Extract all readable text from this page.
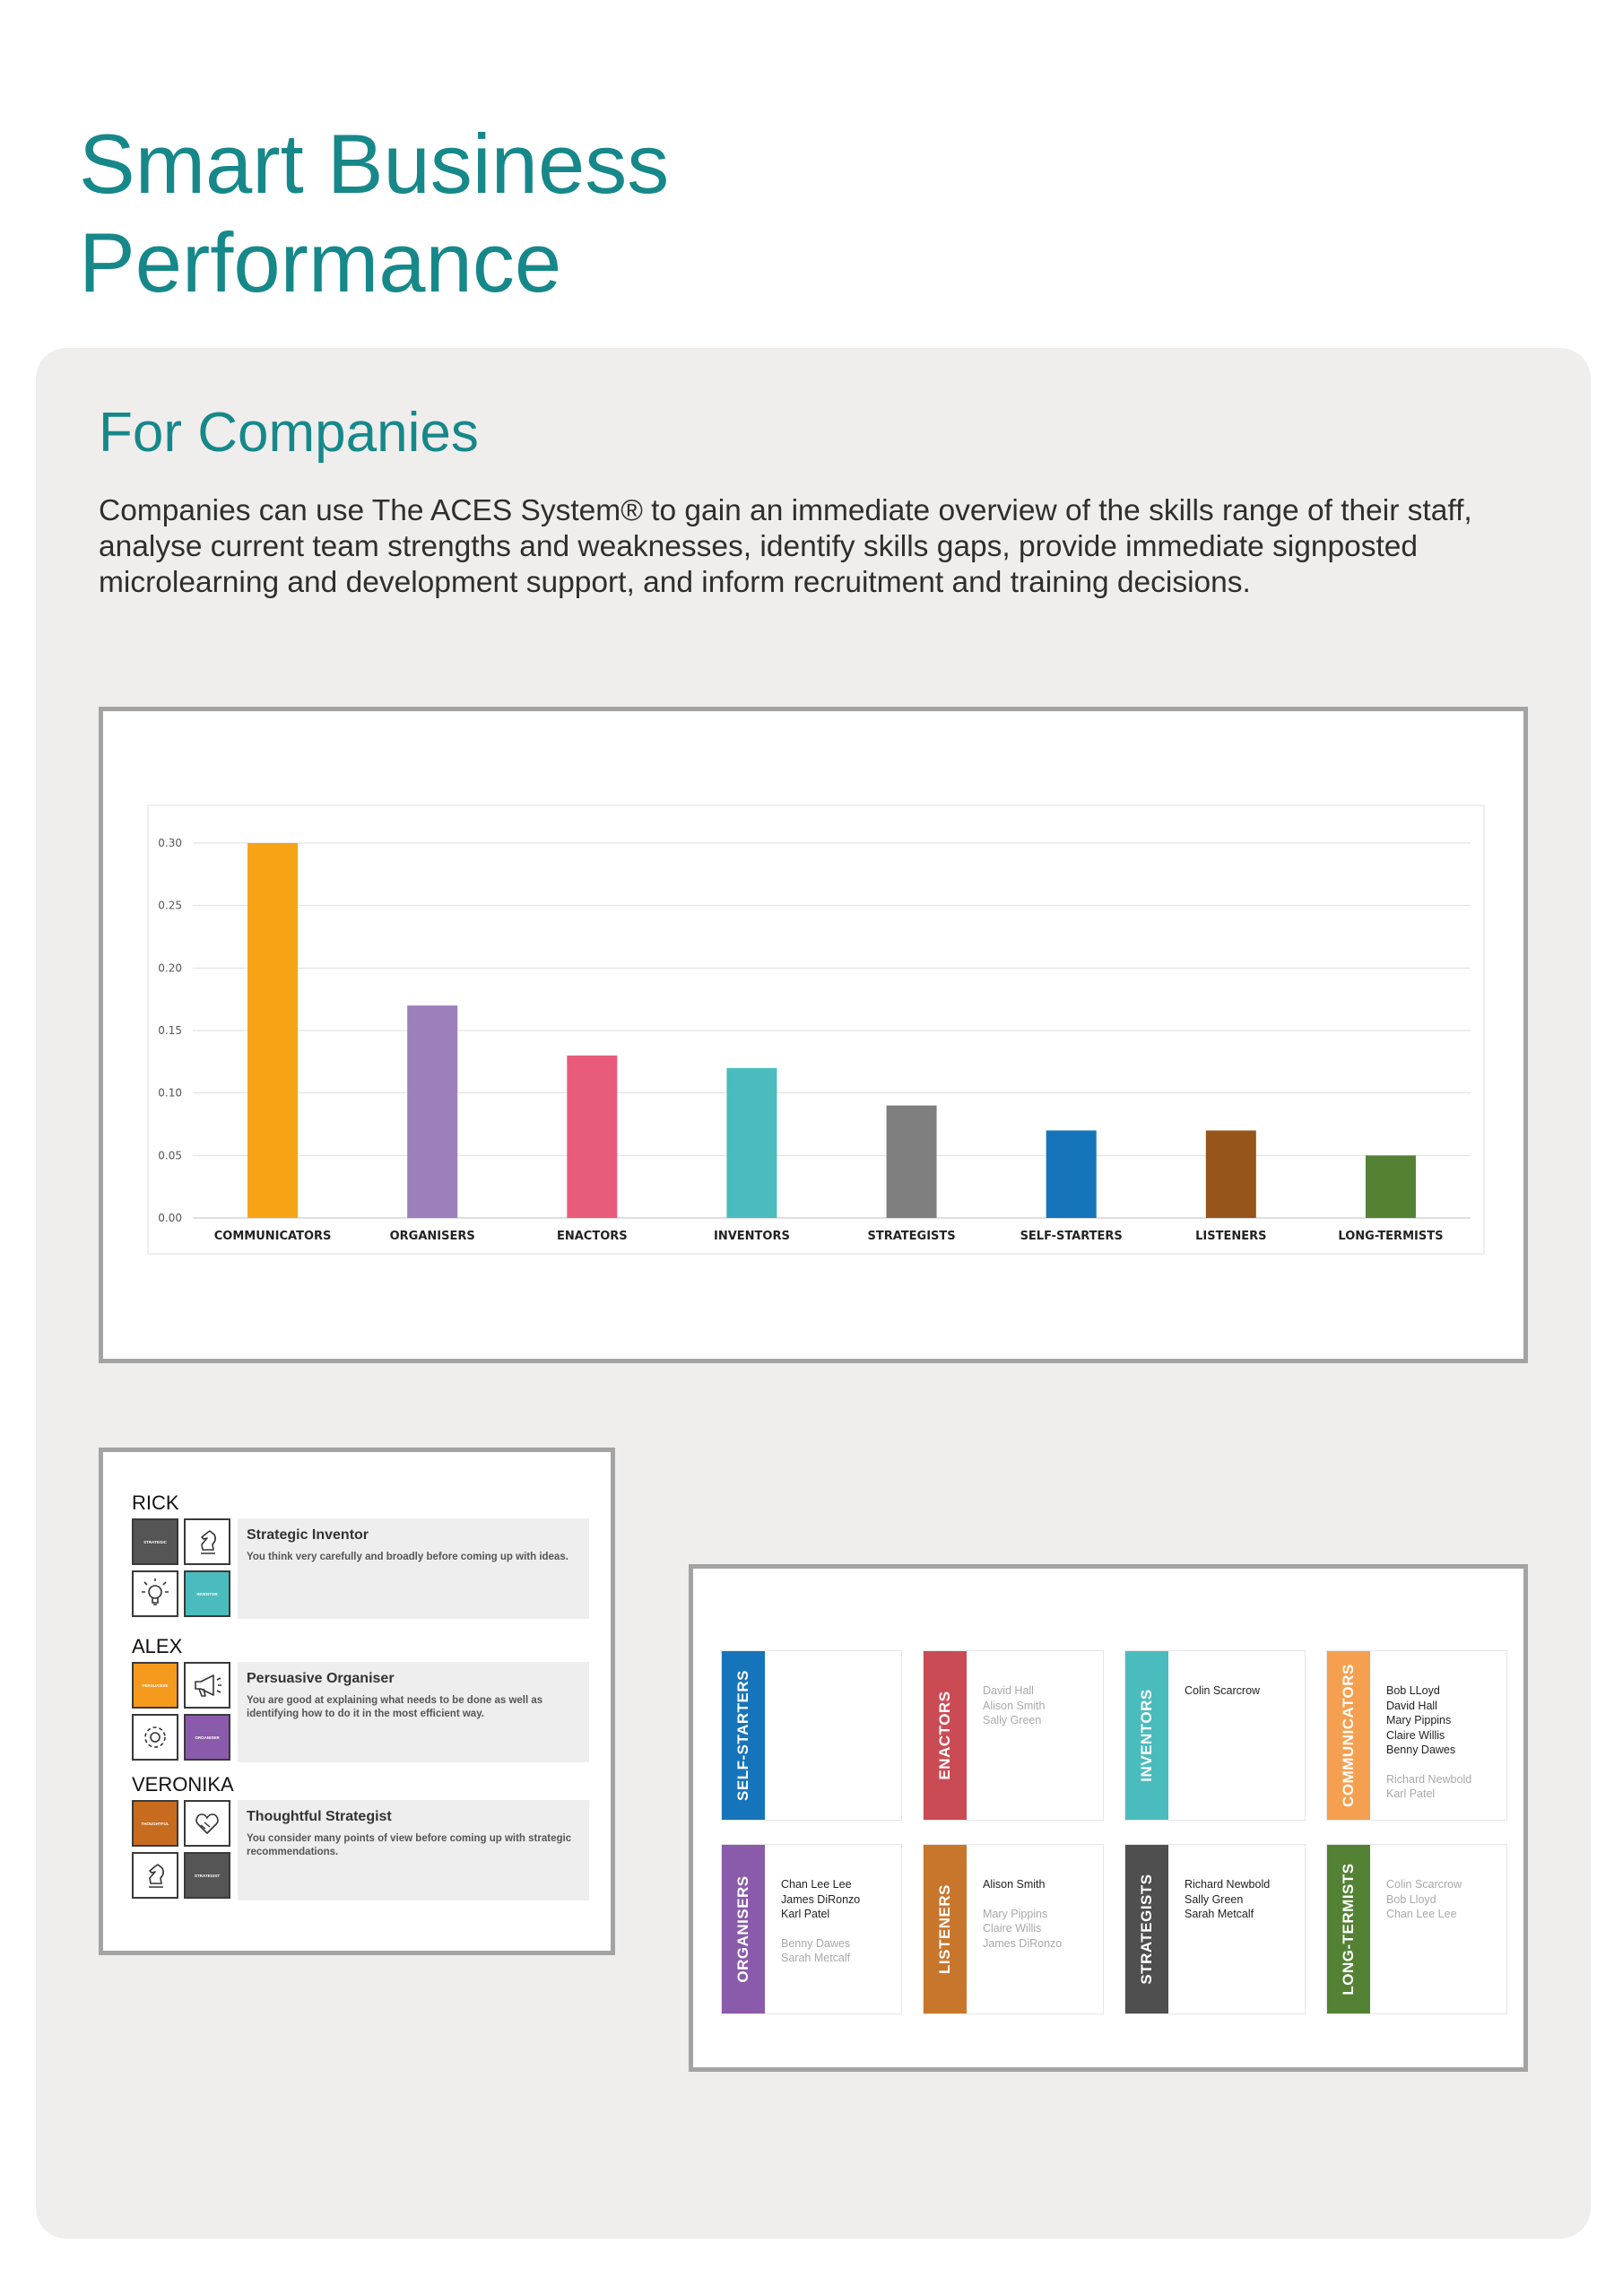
Smart Business
Performance
For Companies

Companies can use The ACES System® to gain an immediate overview of the skills range of their staff, analyse current team strengths and weaknesses, identify skills gaps, provide immediate signposted microlearning and development support, and inform recruitment and training decisions.

0.00
0.05
0.10
0.15
0.20
0.25
0.30
COMMUNICATORS	ORGANISERS	ENACTORS	INVENTORS	STRATEGISTS	SELF-STARTERS	LISTENERS	LONG-TERMISTS
RICK
STRATEGIC
INVENTOR
Strategic Inventor
You think very carefully and broadly before coming up with ideas.
ALEX
PERSUASIVE
ORGANISER
Persuasive Organiser
You are good at explaining what needs to be done as well as identifying how to do it in the most efficient way.
VERONIKA
THOUGHTFUL
STRATEGIST
Thoughtful Strategist
You consider many points of view before coming up with strategic recommendations.
SELF-STARTERS	ENACTORS
David Hall
Alison Smith
Sally Green	INVENTORS	Colin Scarcrow	COMMUNICATORS	Bob LLoyd
David Hall
Mary Pippins
Claire Willis
Benny Dawes
Richard Newbold
Karl Patel
ORGANISERS	Chan Lee Lee
James DiRonzo
Karl Patel
Benny Dawes
Sarah Metcalf	LISTENERS
Alison Smith
Mary Pippins
Claire Willis
James DiRonzo	STRATEGISTS	Richard Newbold
Sally Green
Sarah Metcalf	LONG-TERMISTS	Colin Scarcrow
Bob Lloyd
Chan Lee Lee
